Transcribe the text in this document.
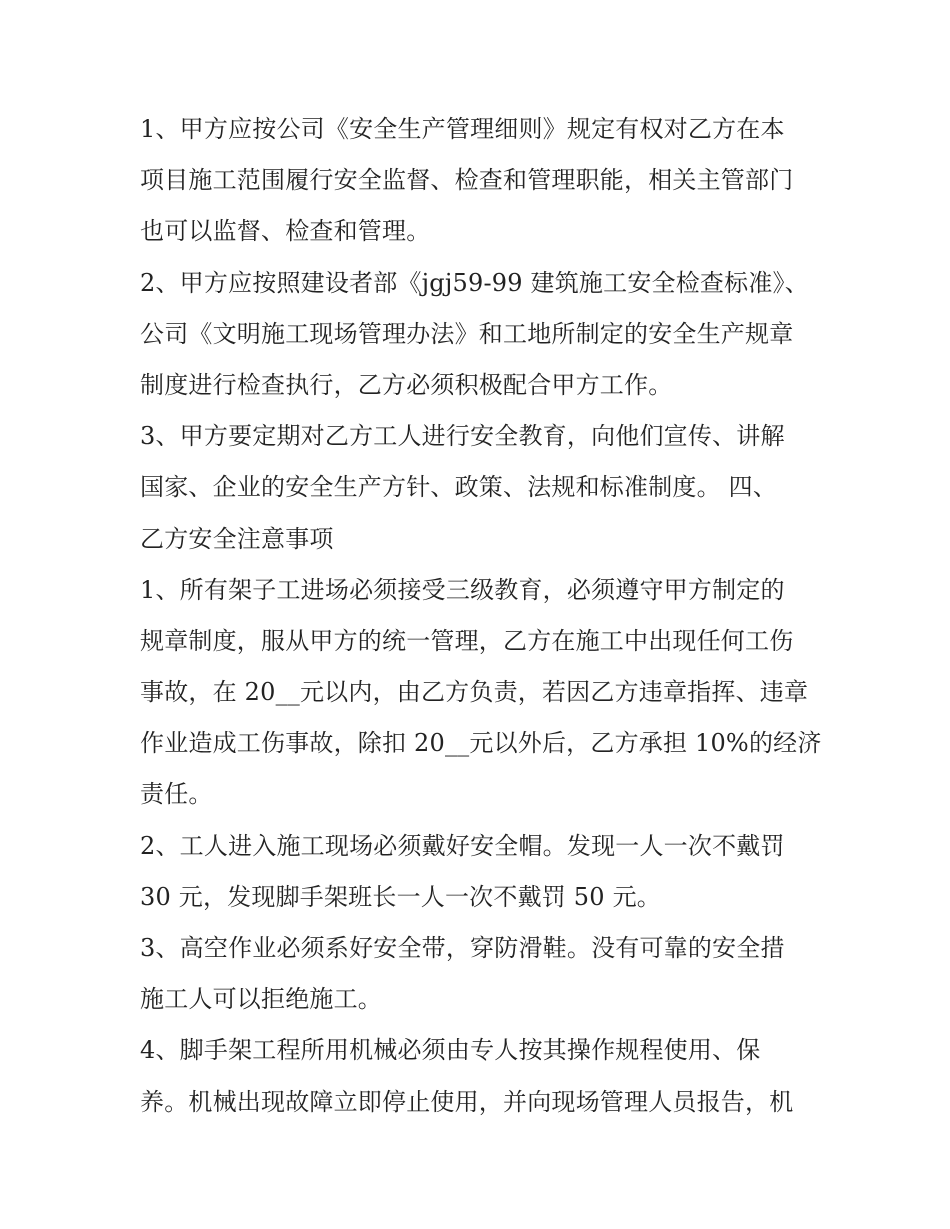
1、甲方应按公司《安全生产管理细则》规定有权对乙方在本
项目施工范围履行安全监督、检查和管理职能，相关主管部门
也可以监督、检查和管理。
2、甲方应按照建设者部《jgj59-99 建筑施工安全检查标准》、
公司《文明施工现场管理办法》和工地所制定的安全生产规章
制度进行检查执行，乙方必须积极配合甲方工作。
3、甲方要定期对乙方工人进行安全教育，向他们宣传、讲解
国家、企业的安全生产方针、政策、法规和标准制度。 四、
乙方安全注意事项
1、所有架子工进场必须接受三级教育，必须遵守甲方制定的
规章制度，服从甲方的统一管理，乙方在施工中出现任何工伤
事故，在 20__元以内，由乙方负责，若因乙方违章指挥、违章
作业造成工伤事故，除扣 20__元以外后，乙方承担 10%的经济
责任。
2、工人进入施工现场必须戴好安全帽。发现一人一次不戴罚
30 元，发现脚手架班长一人一次不戴罚 50 元。
3、高空作业必须系好安全带，穿防滑鞋。没有可靠的安全措
施工人可以拒绝施工。
4、脚手架工程所用机械必须由专人按其操作规程使用、保
养。机械出现故障立即停止使用，并向现场管理人员报告，机
